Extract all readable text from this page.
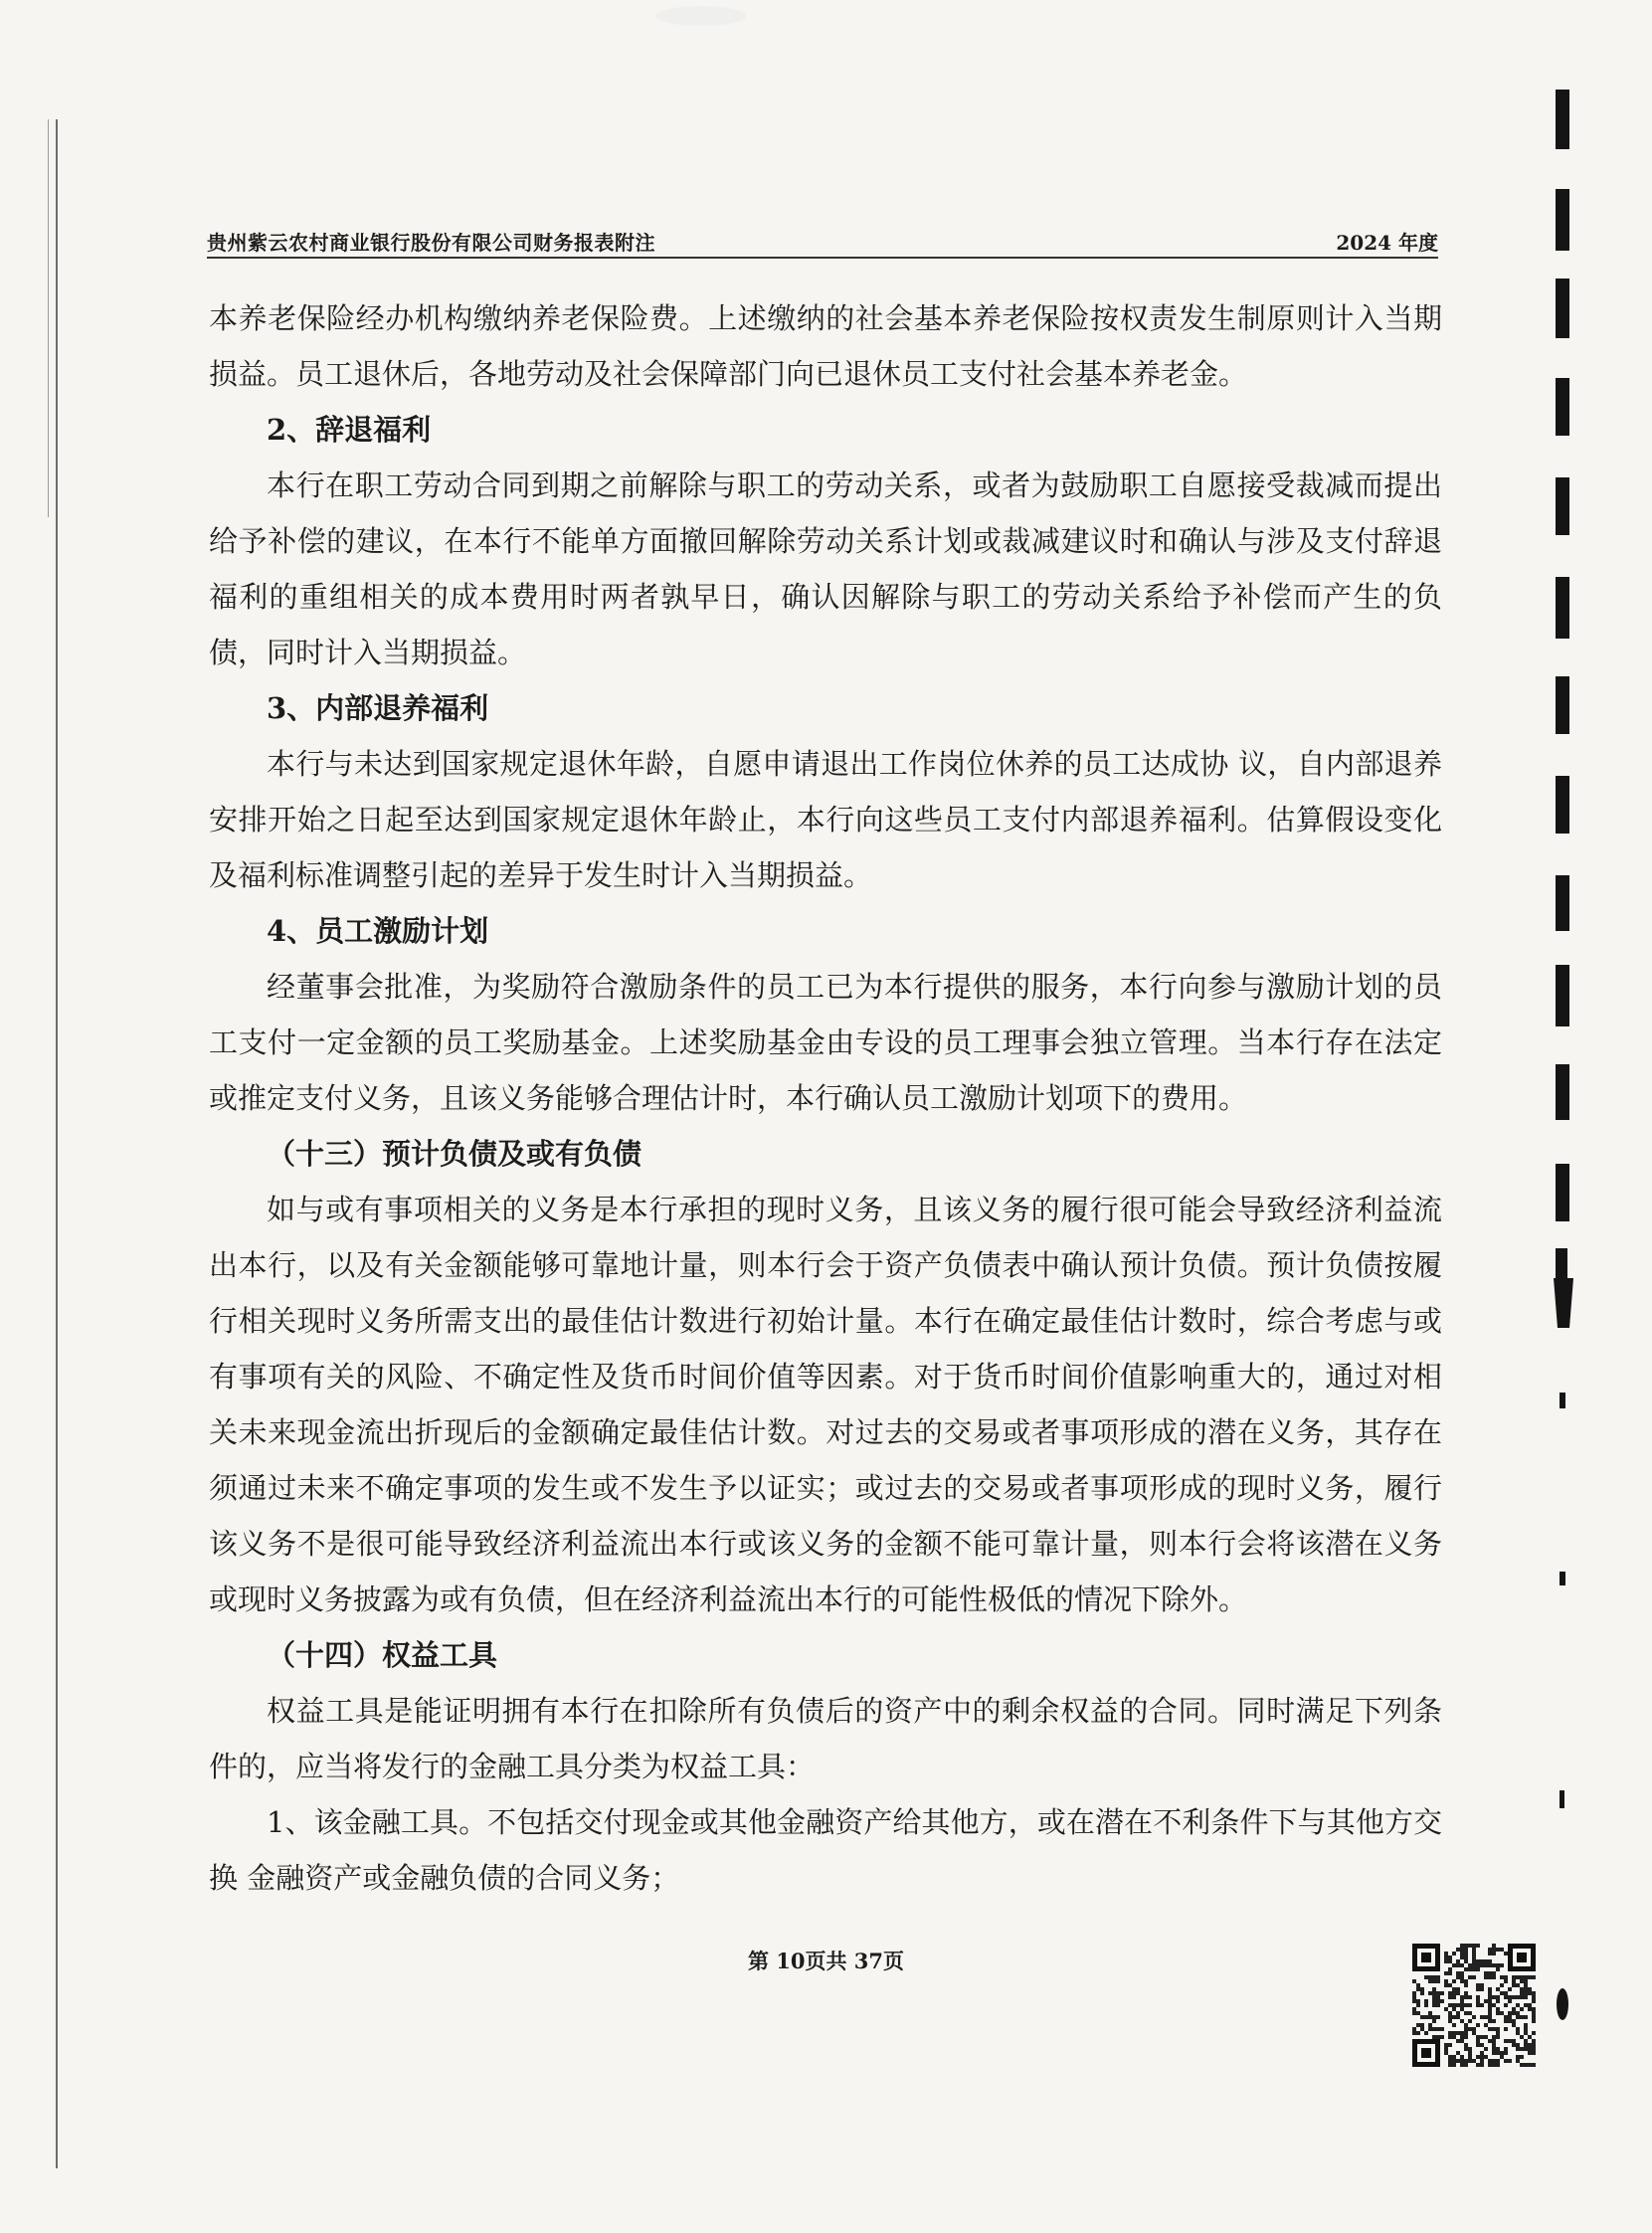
贵州紫云农村商业银行股份有限公司财务报表附注	2024 年度

本养老保险经办机构缴纳养老保险费。上述缴纳的社会基本养老保险按权责发生制原则计入当期损益。员工退休后，各地劳动及社会保障部门向已退休员工支付社会基本养老金。

2、辞退福利

本行在职工劳动合同到期之前解除与职工的劳动关系，或者为鼓励职工自愿接受裁减而提出给予补偿的建议，在本行不能单方面撤回解除劳动关系计划或裁减建议时和确认与涉及支付辞退福利的重组相关的成本费用时两者孰早日，确认因解除与职工的劳动关系给予补偿而产生的负债，同时计入当期损益。

3、内部退养福利

本行与未达到国家规定退休年龄，自愿申请退出工作岗位休养的员工达成协 议，自内部退养安排开始之日起至达到国家规定退休年龄止，本行向这些员工支付内部退养福利。估算假设变化及福利标准调整引起的差异于发生时计入当期损益。

4、员工激励计划

经董事会批准，为奖励符合激励条件的员工已为本行提供的服务，本行向参与激励计划的员工支付一定金额的员工奖励基金。上述奖励基金由专设的员工理事会独立管理。当本行存在法定或推定支付义务，且该义务能够合理估计时，本行确认员工激励计划项下的费用。

（十三）预计负债及或有负债

如与或有事项相关的义务是本行承担的现时义务，且该义务的履行很可能会导致经济利益流出本行，以及有关金额能够可靠地计量，则本行会于资产负债表中确认预计负债。预计负债按履行相关现时义务所需支出的最佳估计数进行初始计量。本行在确定最佳估计数时，综合考虑与或有事项有关的风险、不确定性及货币时间价值等因素。对于货币时间价值影响重大的，通过对相关未来现金流出折现后的金额确定最佳估计数。对过去的交易或者事项形成的潜在义务，其存在须通过未来不确定事项的发生或不发生予以证实；或过去的交易或者事项形成的现时义务，履行该义务不是很可能导致经济利益流出本行或该义务的金额不能可靠计量，则本行会将该潜在义务或现时义务披露为或有负债，但在经济利益流出本行的可能性极低的情况下除外。

（十四）权益工具

权益工具是能证明拥有本行在扣除所有负债后的资产中的剩余权益的合同。同时满足下列条件的，应当将发行的金融工具分类为权益工具：

1、该金融工具。不包括交付现金或其他金融资产给其他方，或在潜在不利条件下与其他方交换 金融资产或金融负债的合同义务；

第 10页共 37页
